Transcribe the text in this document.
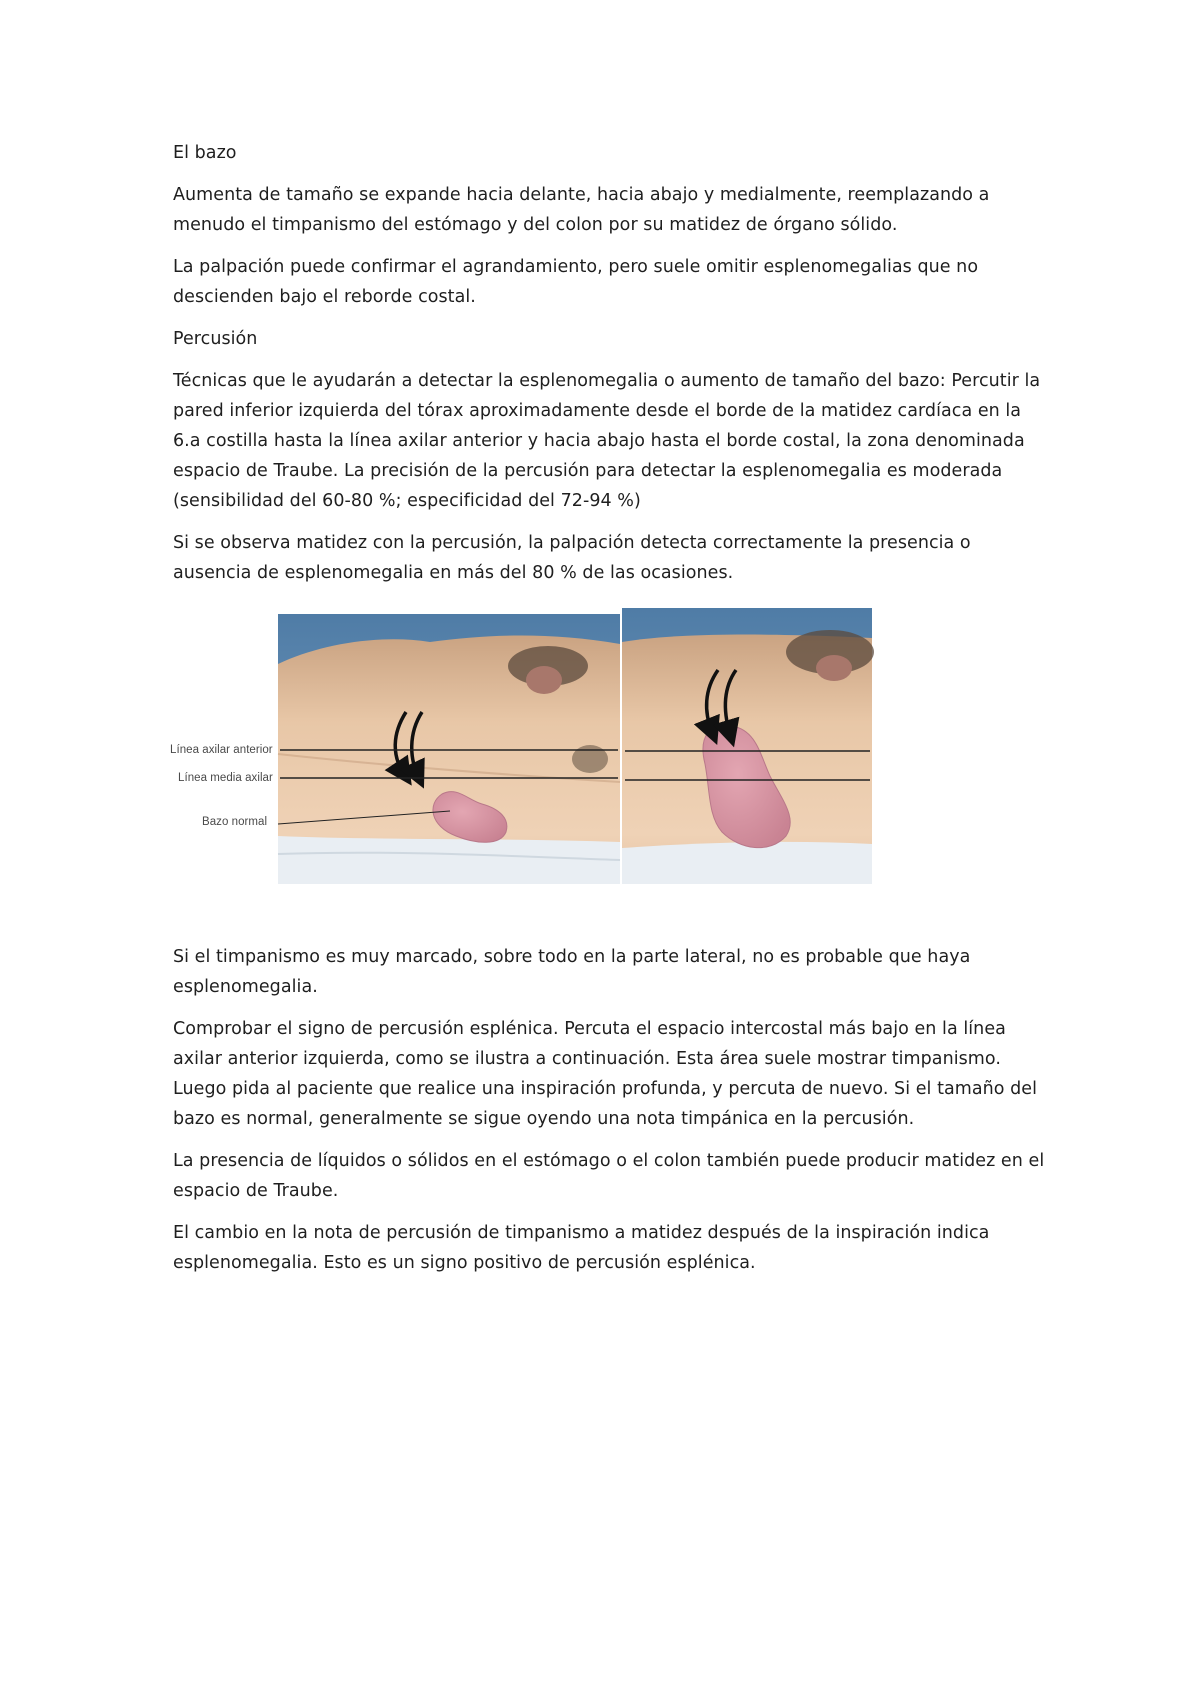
El bazo

Aumenta de tamaño se expande hacia delante, hacia abajo y medialmente, reemplazando a menudo el timpanismo del estómago y del colon por su matidez de órgano sólido.

La palpación puede confirmar el agrandamiento, pero suele omitir esplenomegalias que no descienden bajo el reborde costal.

Percusión

Técnicas que le ayudarán a detectar la esplenomegalia o aumento de tamaño del bazo: Percutir la pared inferior izquierda del tórax aproximadamente desde el borde de la matidez cardíaca en la 6.a costilla hasta la línea axilar anterior y hacia abajo hasta el borde costal, la zona denominada espacio de Traube. La precisión de la percusión para detectar la esplenomegalia es moderada (sensibilidad del 60-80 %; especificidad del 72-94 %)

Si se observa matidez con la percusión, la palpación detecta correctamente la presencia o ausencia de esplenomegalia en más del 80 % de las ocasiones.

Línea axilar anterior
Línea media axilar
Bazo normal

Si el timpanismo es muy marcado, sobre todo en la parte lateral, no es probable que haya esplenomegalia.

Comprobar el signo de percusión esplénica. Percuta el espacio intercostal más bajo en la línea axilar anterior izquierda, como se ilustra a continuación. Esta área suele mostrar timpanismo. Luego pida al paciente que realice una inspiración profunda, y percuta de nuevo. Si el tamaño del bazo es normal, generalmente se sigue oyendo una nota timpánica en la percusión.

La presencia de líquidos o sólidos en el estómago o el colon también puede producir matidez en el espacio de Traube.

El cambio en la nota de percusión de timpanismo a matidez después de la inspiración indica esplenomegalia. Esto es un signo positivo de percusión esplénica.
